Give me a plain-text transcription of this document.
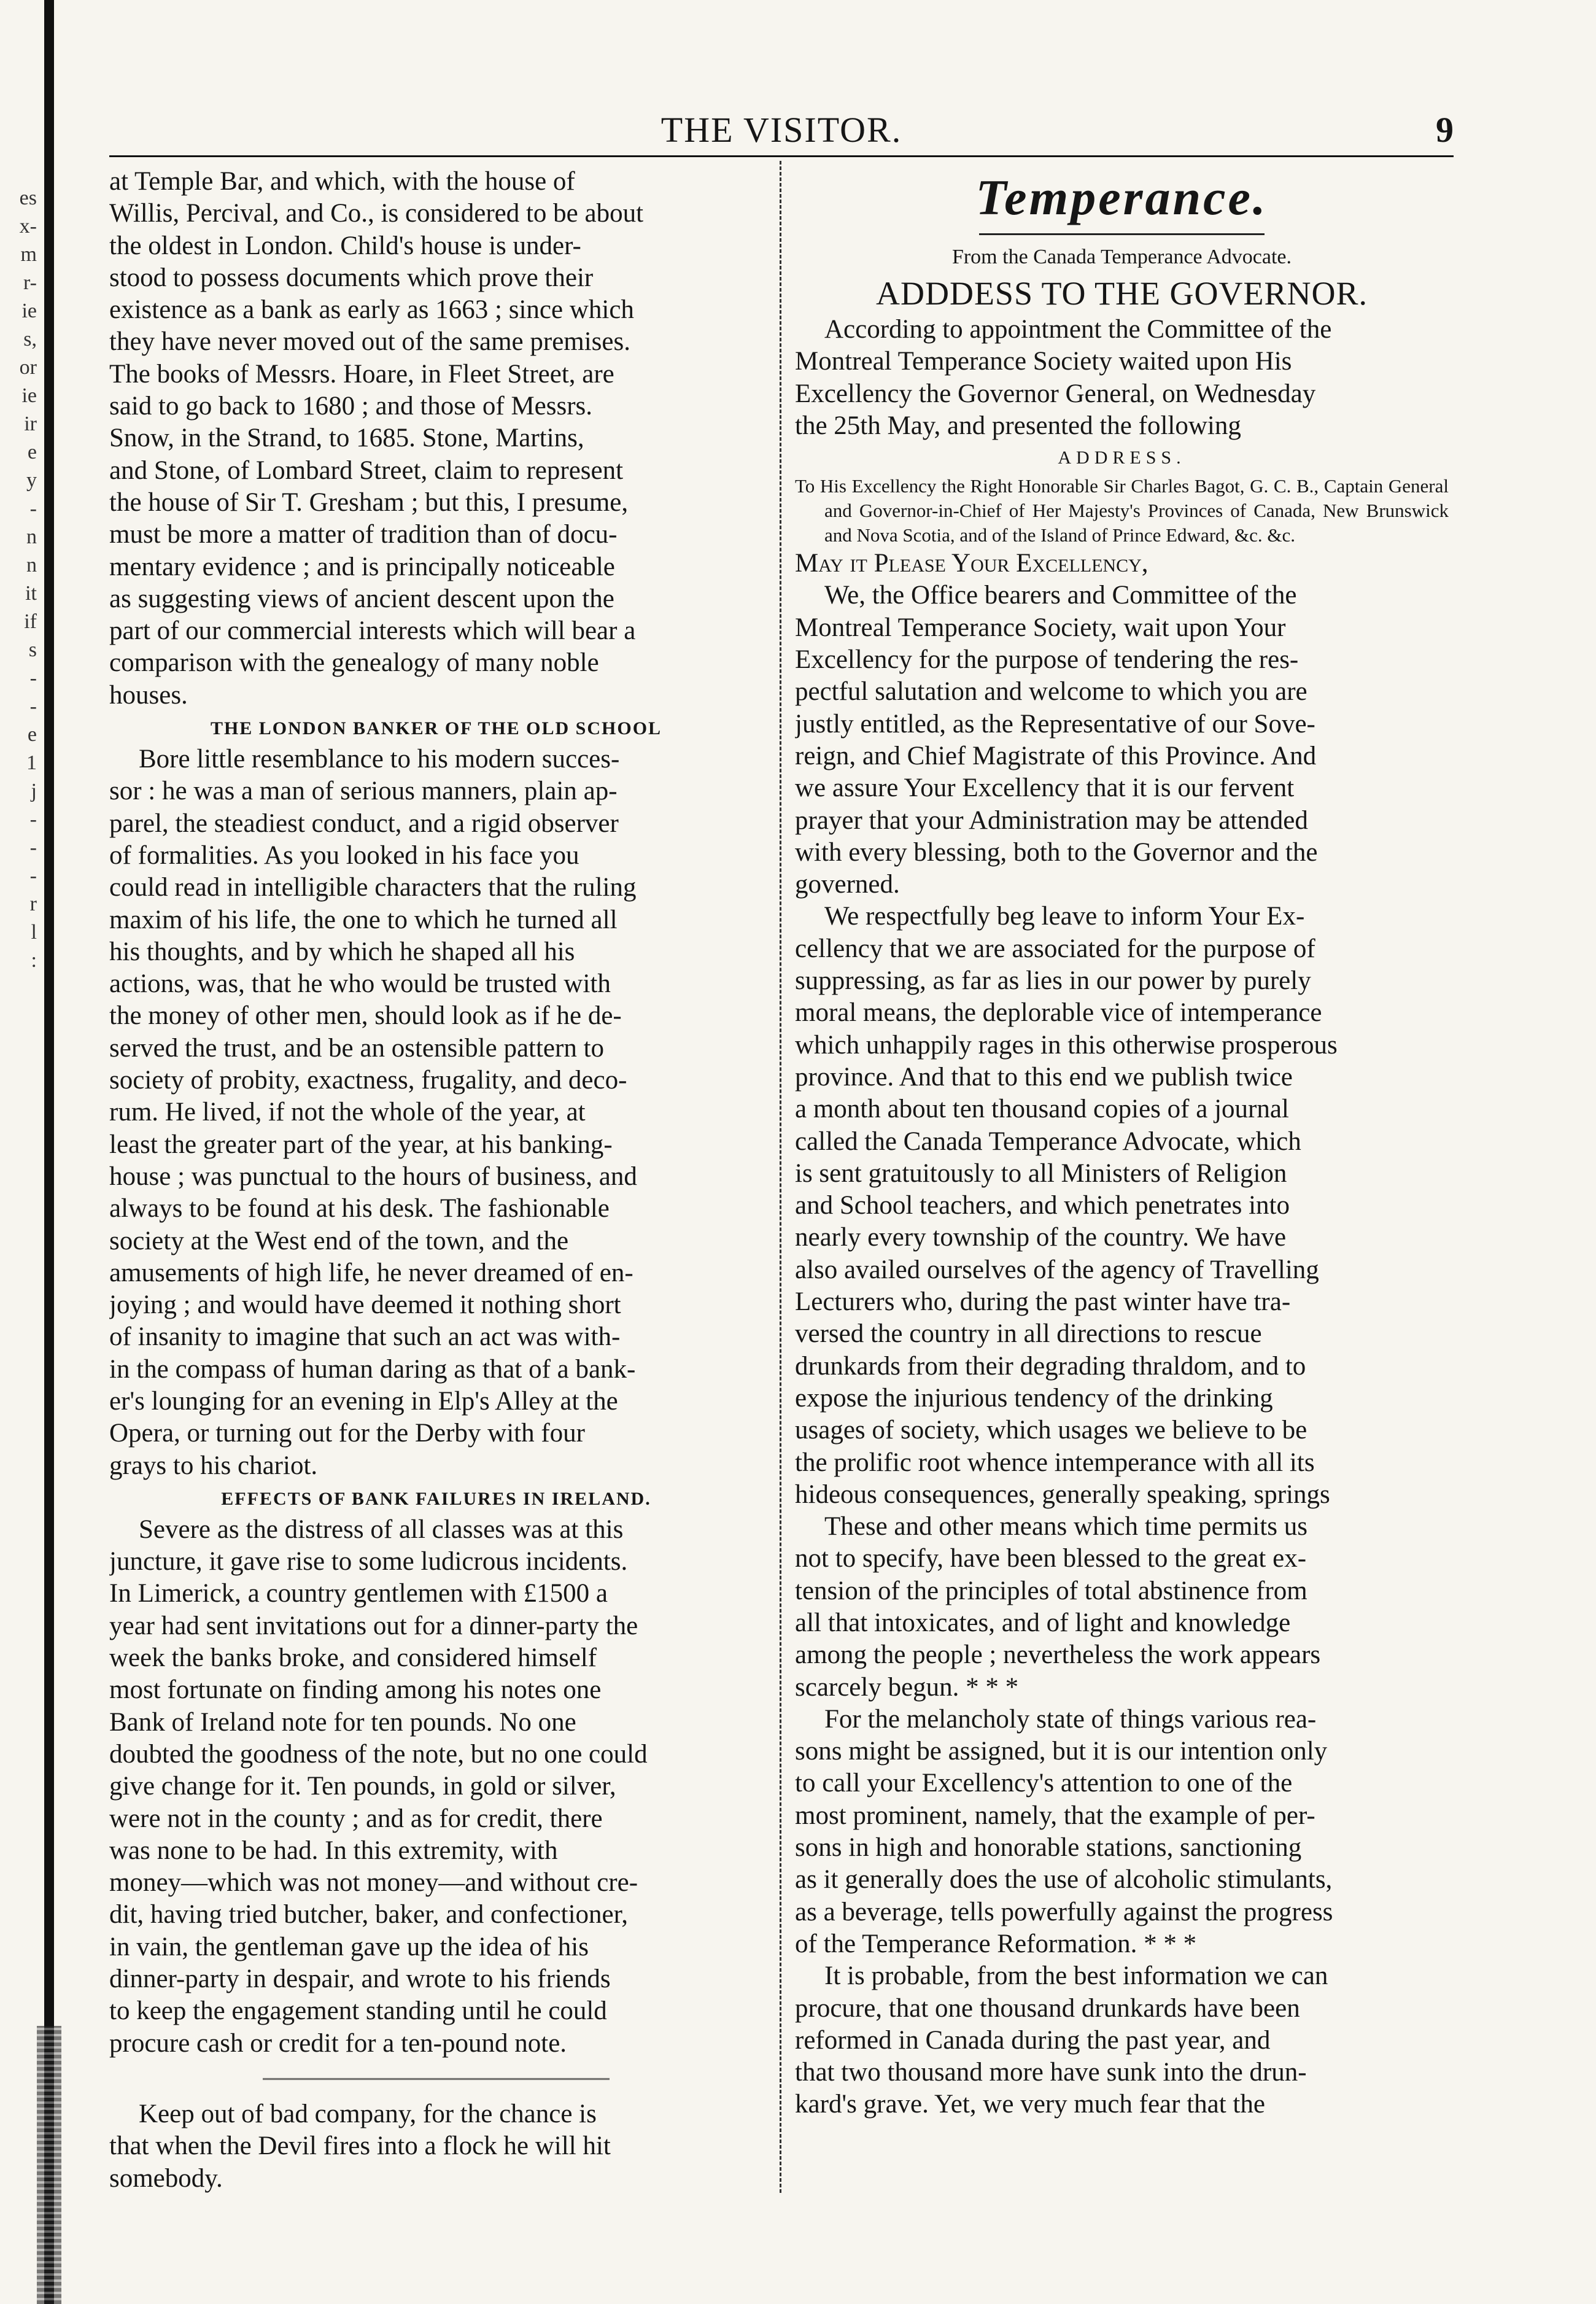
es
x-
m
r-
ie
s,
or
ie
ir
e
y
-
n
n
it
if
s
-
-
e
1
j
-
-
-
r
l
:
THE VISITOR.	9
at Temple Bar, and which, with the house of
Willis, Percival, and Co., is considered to be about
the oldest in London. Child's house is under-
stood to possess documents which prove their
existence as a bank as early as 1663 ; since which
they have never moved out of the same premises.
The books of Messrs. Hoare, in Fleet Street, are
said to go back to 1680 ; and those of Messrs.
Snow, in the Strand, to 1685. Stone, Martins,
and Stone, of Lombard Street, claim to represent
the house of Sir T. Gresham ; but this, I presume,
must be more a matter of tradition than of docu-
mentary evidence ; and is principally noticeable
as suggesting views of ancient descent upon the
part of our commercial interests which will bear a
comparison with the genealogy of many noble
houses.
THE LONDON BANKER OF THE OLD SCHOOL
Bore little resemblance to his modern succes-
sor : he was a man of serious manners, plain ap-
parel, the steadiest conduct, and a rigid observer
of formalities. As you looked in his face you
could read in intelligible characters that the ruling
maxim of his life, the one to which he turned all
his thoughts, and by which he shaped all his
actions, was, that he who would be trusted with
the money of other men, should look as if he de-
served the trust, and be an ostensible pattern to
society of probity, exactness, frugality, and deco-
rum. He lived, if not the whole of the year, at
least the greater part of the year, at his banking-
house ; was punctual to the hours of business, and
always to be found at his desk. The fashionable
society at the West end of the town, and the
amusements of high life, he never dreamed of en-
joying ; and would have deemed it nothing short
of insanity to imagine that such an act was with-
in the compass of human daring as that of a bank-
er's lounging for an evening in Elp's Alley at the
Opera, or turning out for the Derby with four
grays to his chariot.
EFFECTS OF BANK FAILURES IN IRELAND.
Severe as the distress of all classes was at this
juncture, it gave rise to some ludicrous incidents.
In Limerick, a country gentlemen with £1500 a
year had sent invitations out for a dinner-party the
week the banks broke, and considered himself
most fortunate on finding among his notes one
Bank of Ireland note for ten pounds. No one
doubted the goodness of the note, but no one could
give change for it. Ten pounds, in gold or silver,
were not in the county ; and as for credit, there
was none to be had. In this extremity, with
money—which was not money—and without cre-
dit, having tried butcher, baker, and confectioner,
in vain, the gentleman gave up the idea of his
dinner-party in despair, and wrote to his friends
to keep the engagement standing until he could
procure cash or credit for a ten-pound note.
Keep out of bad company, for the chance is
that when the Devil fires into a flock he will hit
somebody.
Temperance.
From the Canada Temperance Advocate.
ADDDESS TO THE GOVERNOR.
According to appointment the Committee of the
Montreal Temperance Society waited upon His
Excellency the Governor General, on Wednesday
the 25th May, and presented the following
ADDRESS.

To His Excellency the Right Honorable Sir Charles Bagot, G. C. B., Captain General and Governor-in-Chief of Her Majesty's Provinces of Canada, New Brunswick and Nova Scotia, and of the Island of Prince Edward, &c. &c.

May it Please Your Excellency,

We, the Office bearers and Committee of the
Montreal Temperance Society, wait upon Your
Excellency for the purpose of tendering the res-
pectful salutation and welcome to which you are
justly entitled, as the Representative of our Sove-
reign, and Chief Magistrate of this Province. And
we assure Your Excellency that it is our fervent
prayer that your Administration may be attended
with every blessing, both to the Governor and the
governed.
We respectfully beg leave to inform Your Ex-
cellency that we are associated for the purpose of
suppressing, as far as lies in our power by purely
moral means, the deplorable vice of intemperance
which unhappily rages in this otherwise prosperous
province. And that to this end we publish twice
a month about ten thousand copies of a journal
called the Canada Temperance Advocate, which
is sent gratuitously to all Ministers of Religion
and School teachers, and which penetrates into
nearly every township of the country. We have
also availed ourselves of the agency of Travelling
Lecturers who, during the past winter have tra-
versed the country in all directions to rescue
drunkards from their degrading thraldom, and to
expose the injurious tendency of the drinking
usages of society, which usages we believe to be
the prolific root whence intemperance with all its
hideous consequences, generally speaking, springs
These and other means which time permits us
not to specify, have been blessed to the great ex-
tension of the principles of total abstinence from
all that intoxicates, and of light and knowledge
among the people ; nevertheless the work appears
scarcely begun. * * *
For the melancholy state of things various rea-
sons might be assigned, but it is our intention only
to call your Excellency's attention to one of the
most prominent, namely, that the example of per-
sons in high and honorable stations, sanctioning
as it generally does the use of alcoholic stimulants,
as a beverage, tells powerfully against the progress
of the Temperance Reformation. * * *
It is probable, from the best information we can
procure, that one thousand drunkards have been
reformed in Canada during the past year, and
that two thousand more have sunk into the drun-
kard's grave. Yet, we very much fear that the
